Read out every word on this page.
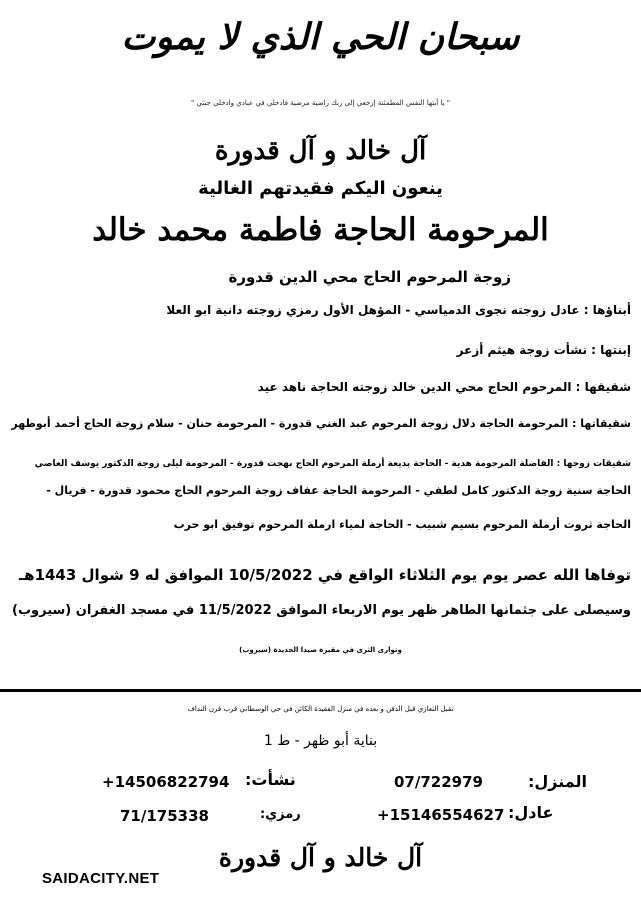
سبحان الحي الذي لا يموت
" يا أيتها النفس المطمئنة إرجعي إلى ربك راضية مرضية فادخلي في عبادي وادخلي جنتي "
آل خالد و آل قدورة
ينعون اليكم فقيدتهم الغالية
المرحومة الحاجة فاطمة محمد خالد
زوجة المرحوم الحاج محي الدين قدورة
أبناؤها : عادل زوجته نجوى الدمياسي - المؤهل الأول رمزي زوجته دانية ابو العلا
إبنتها : نشأت زوجة هيثم أزعر
شقيقها : المرحوم الحاج محي الدين خالد زوجته الحاجة ناهد عيد
شقيقاتها : المرحومة الحاجة دلال زوجة المرحوم عبد الغني قدورة - المرحومة حنان - سلام زوجة الحاج أحمد أبوظهر
شقيقات زوجها : الفاضلة المرحومة هدية - الحاجة بديعة أرملة المرحوم الحاج بهجت قدورة - المرحومة ليلى زوجة الدكتور يوسف العاصي
الحاجة سنية زوجة الدكتور كامل لطفي - المرحومة الحاجة عفاف زوجة المرحوم الحاج محمود قدورة - فريال -
الحاجة ثروت أرملة المرحوم بسيم شبيب - الحاجة لمياء ارملة المرحوم توفيق ابو حرب
توفاها الله عصر يوم يوم الثلاثاء الواقع في 10/5/2022 الموافق له 9 شوال 1443هـ
وسيصلى على جثمانها الطاهر ظهر يوم الاربعاء الموافق 11/5/2022 في مسجد الغفران (سيروب)
وتوارى الثرى في مقبرة صيدا الجديدة (سيروب)
تقبل التعازي قبل الدفن و بعده في منزل الفقيدة الكائن في حي الوسطاني قرب فرن النداف
بناية أبو ظهر - ط 1
المنزل:
07/722979
نشأت:
+14506822794
عادل:
+15146554627
رمزي:
71/175338
آل خالد و آل قدورة
SAIDACITY.NET
